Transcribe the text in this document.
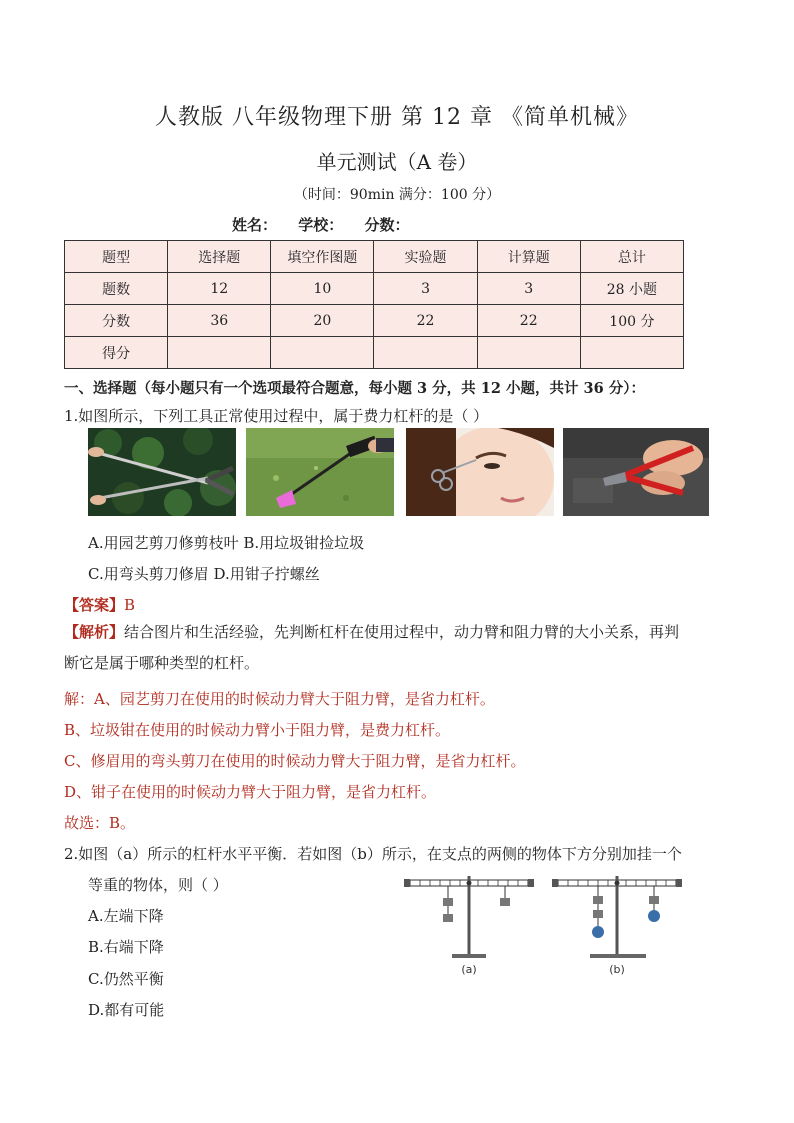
人教版 八年级物理下册 第 12 章 《简单机械》
单元测试（A 卷）
（时间：90min 满分：100 分）
姓名： 学校： 分数：
题型	选择题	填空作图题	实验题	计算题	总计
题数	12	10	3	3	28 小题
分数	36	20	22	22	100 分
得分					
一、选择题（每小题只有一个选项最符合题意，每小题 3 分，共 12 小题，共计 36 分）：
1.如图所示，下列工具正常使用过程中，属于费力杠杆的是（ ）
A.用园艺剪刀修剪枝叶 B.用垃圾钳捡垃圾
C.用弯头剪刀修眉 D.用钳子拧螺丝
【答案】B
【解析】结合图片和生活经验，先判断杠杆在使用过程中，动力臂和阻力臂的大小关系，再判
断它是属于哪种类型的杠杆。
解：A、园艺剪刀在使用的时候动力臂大于阻力臂，是省力杠杆。
B、垃圾钳在使用的时候动力臂小于阻力臂，是费力杠杆。
C、修眉用的弯头剪刀在使用的时候动力臂大于阻力臂，是省力杠杆。
D、钳子在使用的时候动力臂大于阻力臂，是省力杠杆。
故选：B。
2.如图（a）所示的杠杆水平平衡．若如图（b）所示，在支点的两侧的物体下方分别加挂一个
等重的物体，则（ ）
A.左端下降
B.右端下降
C.仍然平衡
D.都有可能
(a)	(b)
